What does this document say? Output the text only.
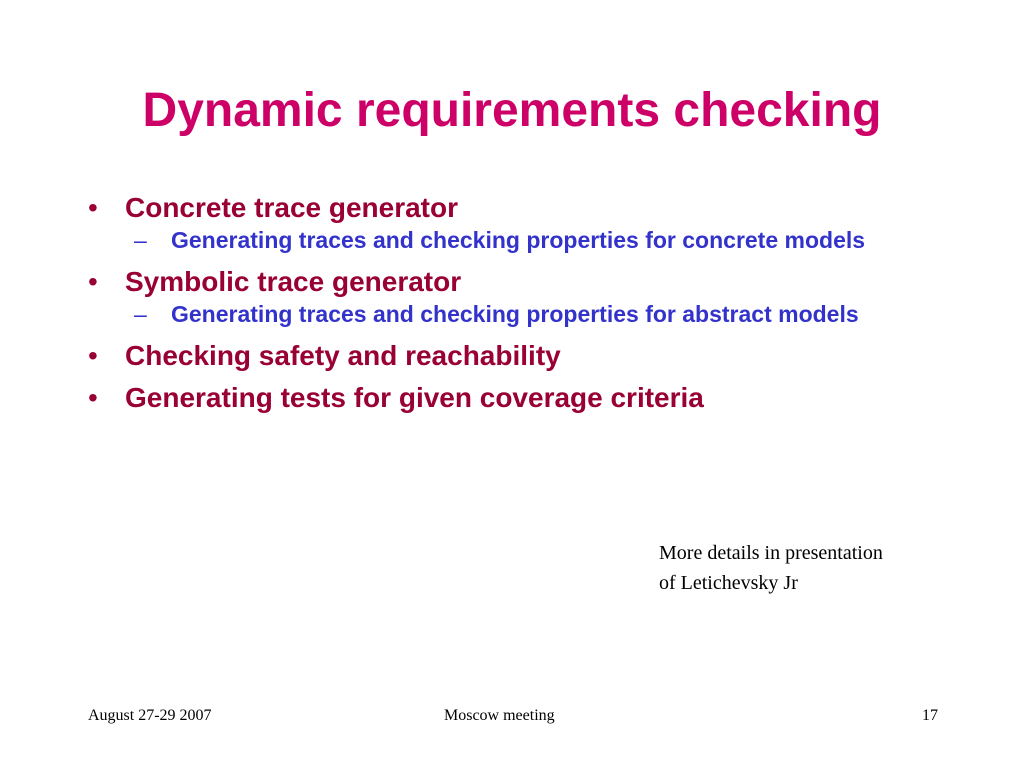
Dynamic requirements checking
• Concrete trace generator
–	Generating traces and checking properties for concrete models
• Symbolic trace generator
–	Generating traces and checking properties for abstract models
• Checking safety and reachability
• Generating tests for given coverage criteria
More details in presentation
of Letichevsky Jr
August 27-29 2007	Moscow meeting	17
